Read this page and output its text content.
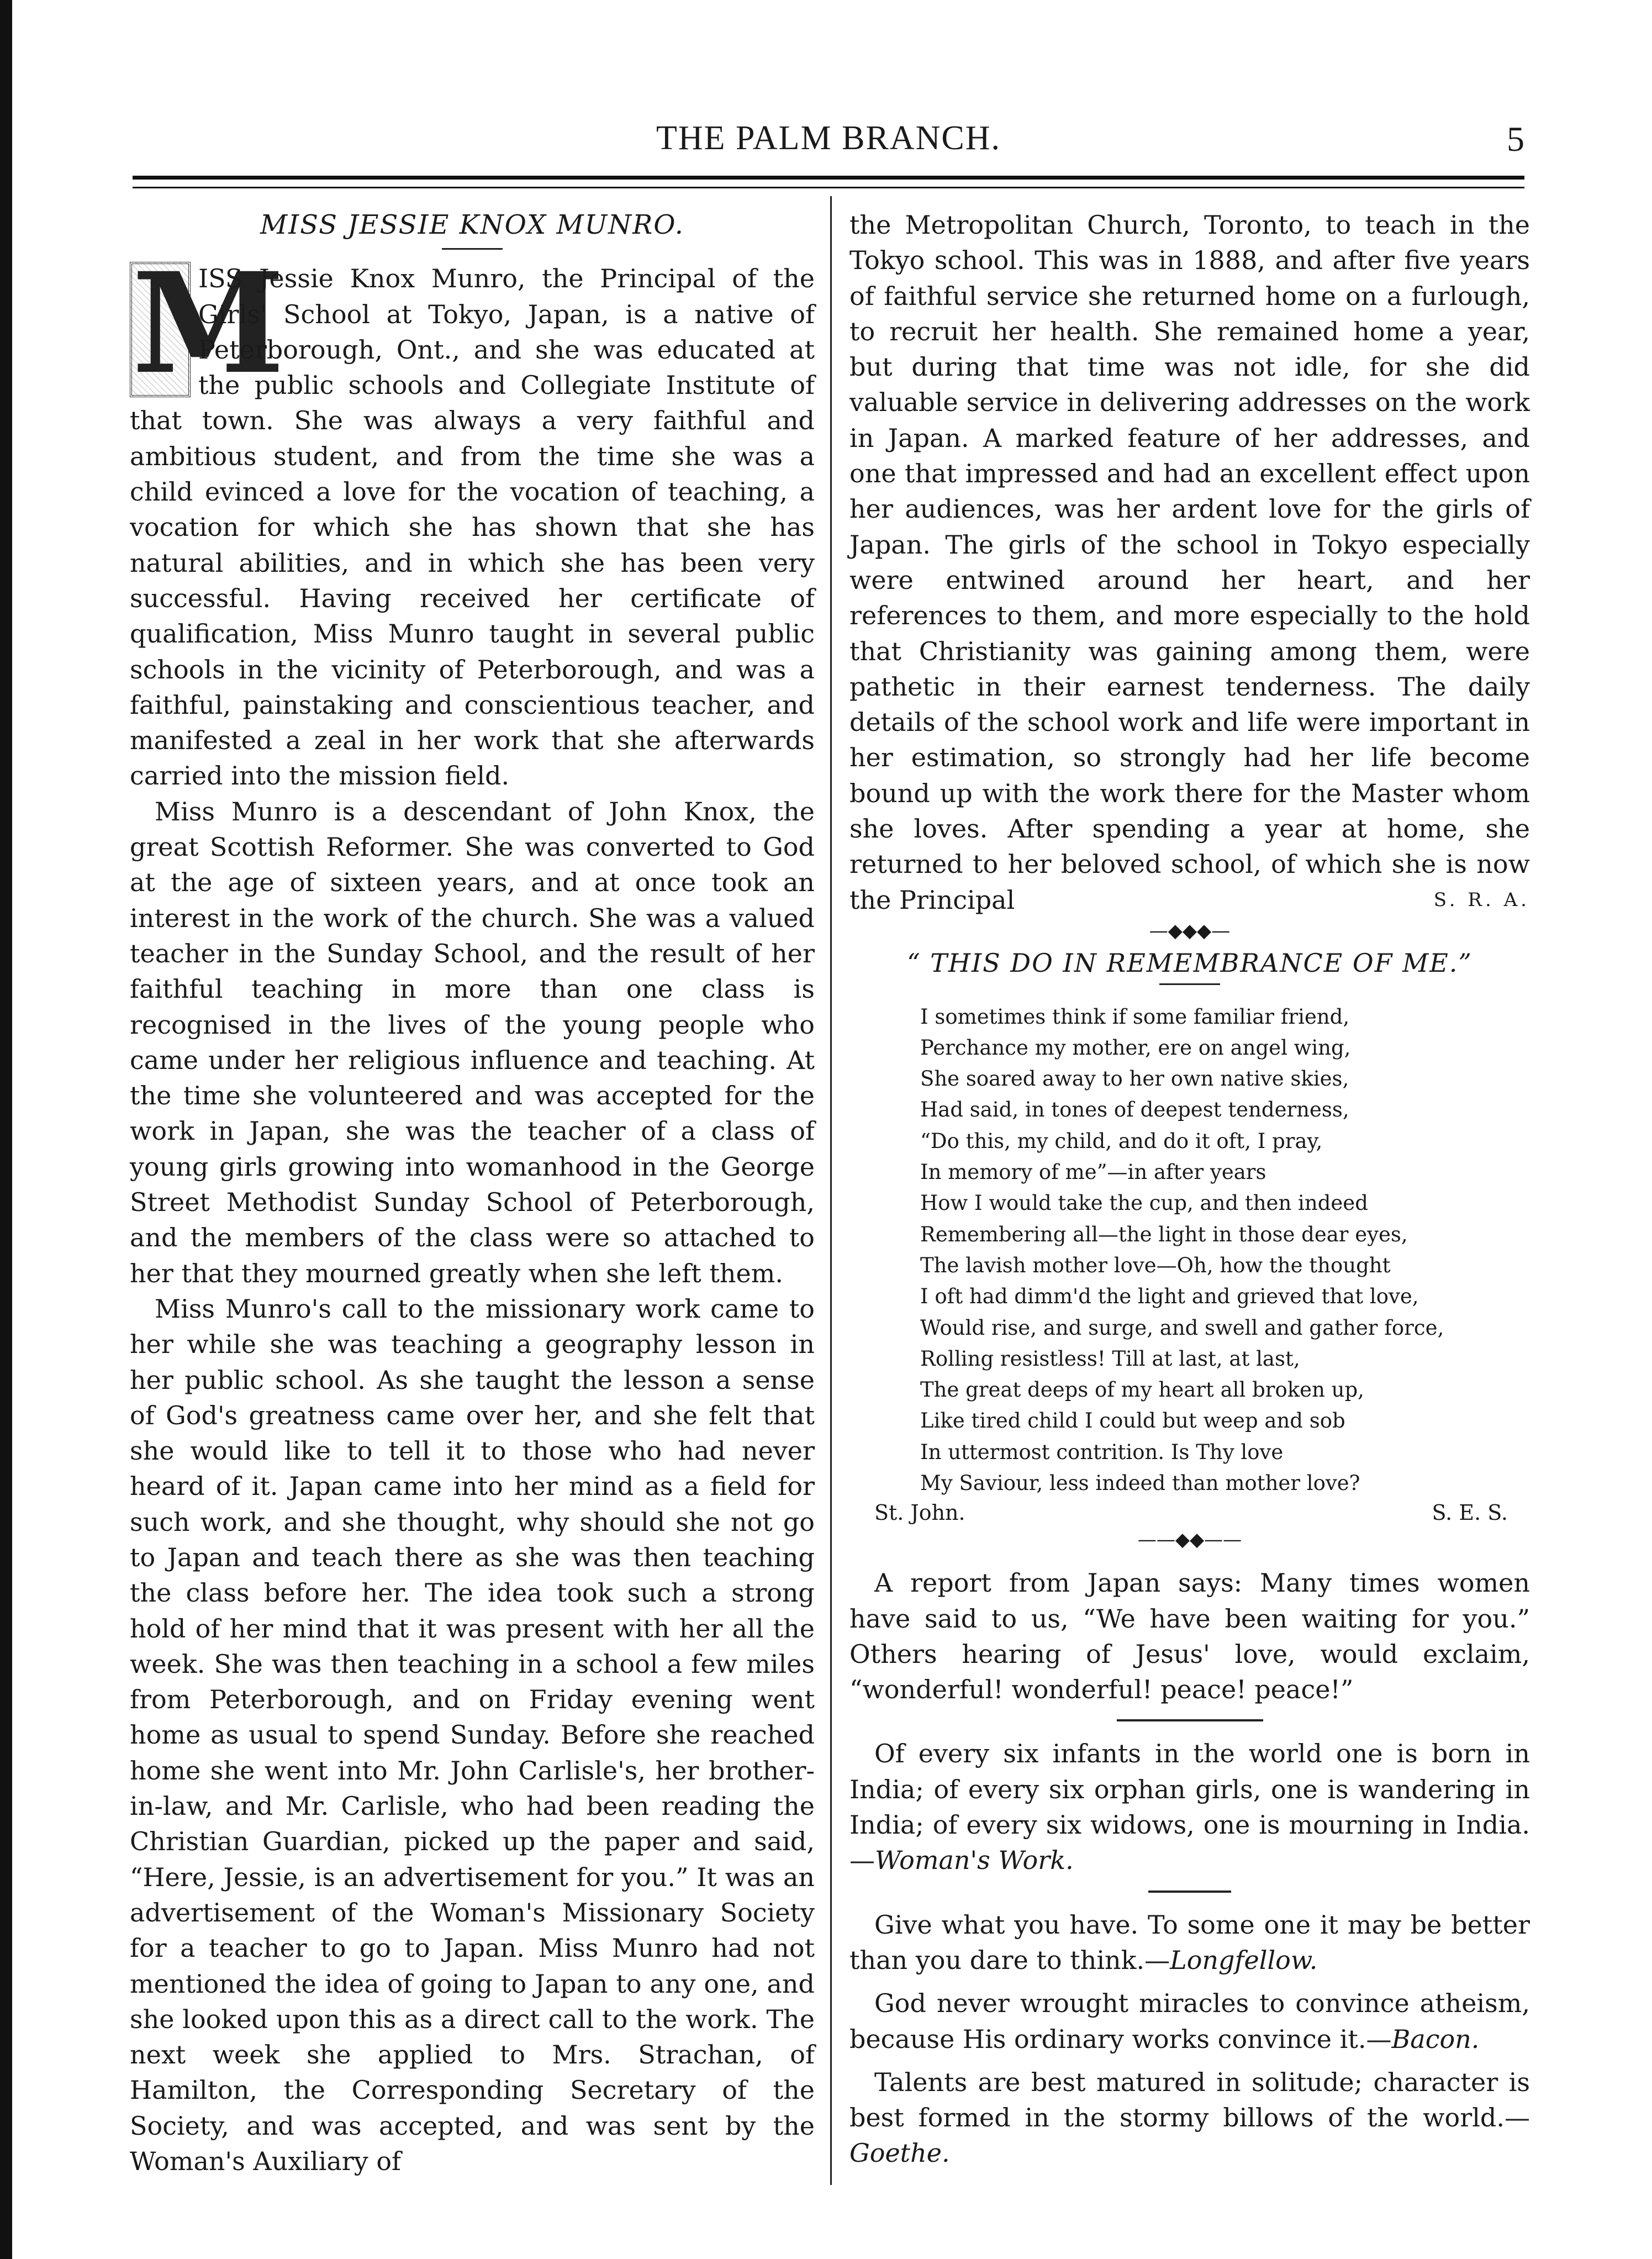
THE PALM BRANCH.	5
MISS JESSIE KNOX MUNRO.

M
ISS Jessie Knox Munro, the Principal of the Girls' School at Tokyo, Japan, is a native of Peterborough, Ont., and she was educated at the public schools and Collegiate Institute of that town. She was always a very faithful and ambitious student, and from the time she was a child evinced a love for the vocation of teaching, a vocation for which she has shown that she has natural abilities, and in which she has been very successful. Having received her certificate of qualification, Miss Munro taught in several public schools in the vicinity of Peterborough, and was a faithful, painstaking and conscientious teacher, and manifested a zeal in her work that she afterwards carried into the mission field.

Miss Munro is a descendant of John Knox, the great Scottish Reformer. She was converted to God at the age of sixteen years, and at once took an interest in the work of the church. She was a valued teacher in the Sunday School, and the result of her faithful teaching in more than one class is recognised in the lives of the young people who came under her religious influence and teaching. At the time she volunteered and was accepted for the work in Japan, she was the teacher of a class of young girls growing into womanhood in the George Street Methodist Sunday School of Peterborough, and the members of the class were so attached to her that they mourned greatly when she left them.

Miss Munro's call to the missionary work came to her while she was teaching a geography lesson in her public school. As she taught the lesson a sense of God's greatness came over her, and she felt that she would like to tell it to those who had never heard of it. Japan came into her mind as a field for such work, and she thought, why should she not go to Japan and teach there as she was then teaching the class before her. The idea took such a strong hold of her mind that it was present with her all the week. She was then teaching in a school a few miles from Peterborough, and on Friday evening went home as usual to spend Sunday. Before she reached home she went into Mr. John Carlisle's, her brother-in-law, and Mr. Carlisle, who had been reading the Christian Guardian, picked up the paper and said, “Here, Jessie, is an advertisement for you.” It was an advertisement of the Woman's Missionary Society for a teacher to go to Japan. Miss Munro had not mentioned the idea of going to Japan to any one, and she looked upon this as a direct call to the work. The next week she applied to Mrs. Strachan, of Hamilton, the Corresponding Secretary of the Society, and was accepted, and was sent by the Woman's Auxiliary of

the Metropolitan Church, Toronto, to teach in the Tokyo school. This was in 1888, and after five years of faithful service she returned home on a furlough, to recruit her health. She remained home a year, but during that time was not idle, for she did valuable service in delivering addresses on the work in Japan. A marked feature of her addresses, and one that impressed and had an excellent effect upon her audiences, was her ardent love for the girls of Japan. The girls of the school in Tokyo especially were entwined around her heart, and her references to them, and more especially to the hold that Christianity was gaining among them, were pathetic in their earnest tenderness. The daily details of the school work and life were important in her estimation, so strongly had her life become bound up with the work there for the Master whom she loves. After spending a year at home, she returned to her beloved school, of which she is now the Principal	S. R. A.
—◆◆◆—
“ THIS DO IN REMEMBRANCE OF ME.”
I sometimes think if some familiar friend,
Perchance my mother, ere on angel wing,
She soared away to her own native skies,
Had said, in tones of deepest tenderness,
“Do this, my child, and do it oft, I pray,
In memory of me”—in after years
How I would take the cup, and then indeed
Remembering all—the light in those dear eyes,
The lavish mother love—Oh, how the thought
I oft had dimm'd the light and grieved that love,
Would rise, and surge, and swell and gather force,
Rolling resistless! Till at last, at last,
The great deeps of my heart all broken up,
Like tired child I could but weep and sob
In uttermost contrition. Is Thy love
My Saviour, less indeed than mother love?
St. John.	S. E. S.
——◆◆——

A report from Japan says: Many times women have said to us, “We have been waiting for you.” Others hearing of Jesus' love, would exclaim, “wonderful! wonderful! peace! peace!”

Of every six infants in the world one is born in India; of every six orphan girls, one is wandering in India; of every six widows, one is mourning in India.—Woman's Work.

Give what you have. To some one it may be better than you dare to think.—Longfellow.

God never wrought miracles to convince atheism, because His ordinary works convince it.—Bacon.

Talents are best matured in solitude; character is best formed in the stormy billows of the world.—Goethe.
